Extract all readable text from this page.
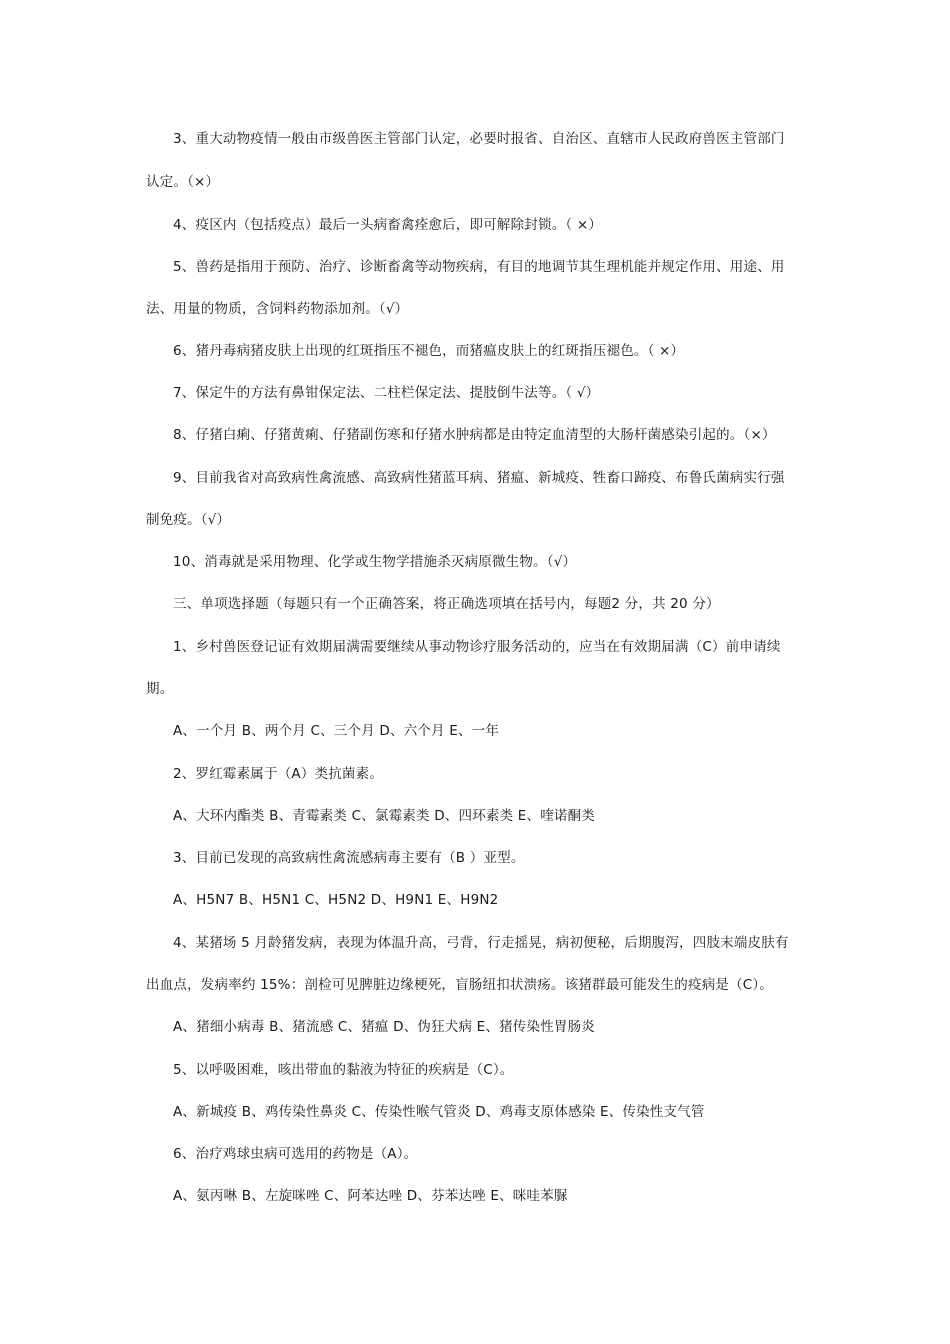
3、重大动物疫情一般由市级兽医主管部门认定，必要时报省、自治区、直辖市人民政府兽医主管部门
认定。（×）
4、疫区内（包括疫点）最后一头病畜禽痊愈后，即可解除封锁。（ ×）
5、兽药是指用于预防、治疗、诊断畜禽等动物疾病，有目的地调节其生理机能并规定作用、用途、用
法、用量的物质，含饲料药物添加剂。（√）
6、猪丹毒病猪皮肤上出现的红斑指压不褪色，而猪瘟皮肤上的红斑指压褪色。（ ×）
7、保定牛的方法有鼻钳保定法、二柱栏保定法、提肢倒牛法等。（ √）
8、仔猪白痢、仔猪黄痢、仔猪副伤寒和仔猪水肿病都是由特定血清型的大肠杆菌感染引起的。（×）
9、目前我省对高致病性禽流感、高致病性猪蓝耳病、猪瘟、新城疫、牲畜口蹄疫、布鲁氏菌病实行强
制免疫。（√）
10、消毒就是采用物理、化学或生物学措施杀灭病原微生物。（√）
三、单项选择题（每题只有一个正确答案，将正确选项填在括号内，每题2 分，共 20 分）
1、乡村兽医登记证有效期届满需要继续从事动物诊疗服务活动的，应当在有效期届满（C）前申请续
期。
A、一个月 B、两个月 C、三个月 D、六个月 E、一年
2、罗红霉素属于（A）类抗菌素。
A、大环内酯类 B、青霉素类 C、氯霉素类 D、四环素类 E、喹诺酮类
3、目前已发现的高致病性禽流感病毒主要有（B ）亚型。
A、H5N7 B、H5N1 C、H5N2 D、H9N1 E、H9N2
4、某猪场 5 月龄猪发病，表现为体温升高，弓背，行走摇晃，病初便秘，后期腹泻，四肢末端皮肤有
出血点，发病率约 15%：剖检可见脾脏边缘梗死，盲肠纽扣状溃疡。该猪群最可能发生的疫病是（C）。
A、猪细小病毒 B、猪流感 C、猪瘟 D、伪狂犬病 E、猪传染性胃肠炎
5、以呼吸困难，咳出带血的黏液为特征的疾病是（C）。
A、新城疫 B、鸡传染性鼻炎 C、传染性喉气管炎 D、鸡毒支原体感染 E、传染性支气管
6、治疗鸡球虫病可选用的药物是（A）。
A、氨丙啉 B、左旋咪唑 C、阿苯达唑 D、芬苯达唑 E、咪哇苯脲
